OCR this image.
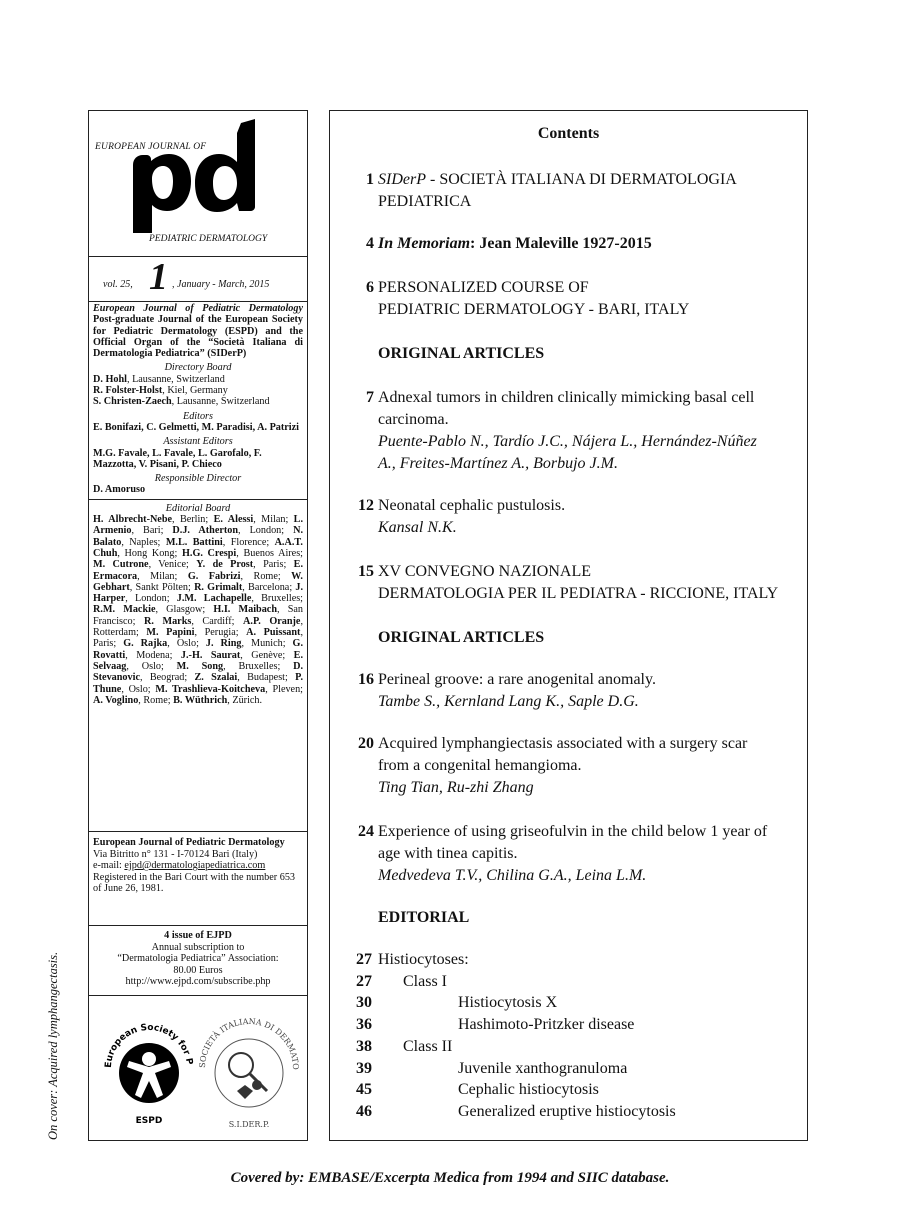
EUROPEAN JOURNAL OF
PEDIATRIC DERMATOLOGY
vol. 25, 1 , January - March, 2015

European Journal of Pediatric Dermatology Post-graduate Journal of the European Society for Pediatric Dermatology (ESPD) and the Official Organ of the “Società Italiana di Dermatologia Pediatrica” (SIDerP)

Directory Board

D. Hohl, Lausanne, Switzerland

R. Folster-Holst, Kiel, Germany

S. Christen-Zaech, Lausanne, Switzerland

Editors

E. Bonifazi, C. Gelmetti, M. Paradisi, A. Patrizi

Assistant Editors

M.G. Favale, L. Favale, L. Garofalo, F. Mazzotta, V. Pisani, P. Chieco

Responsible Director

D. Amoruso

Editorial Board

H. Albrecht-Nebe, Berlin; E. Alessi, Milan; L. Armenio, Bari; D.J. Atherton, London; N. Balato, Naples; M.L. Battini, Florence; A.A.T. Chuh, Hong Kong; H.G. Crespi, Buenos Aires; M. Cutrone, Venice; Y. de Prost, Paris; E. Ermacora, Milan; G. Fabrizi, Rome; W. Gebhart, Sankt Pölten; R. Grimalt, Barcelona; J. Harper, London; J.M. Lachapelle, Bruxelles; R.M. Mackie, Glasgow; H.I. Maibach, San Francisco; R. Marks, Cardiff; A.P. Oranje, Rotterdam; M. Papini, Perugia; A. Puissant, Paris; G. Rajka, Oslo; J. Ring, Munich; G. Rovatti, Modena; J.-H. Saurat, Genève; E. Selvaag, Oslo; M. Song, Bruxelles; D. Stevanovic, Beograd; Z. Szalai, Budapest; P. Thune, Oslo; M. Trashlieva-Koitcheva, Pleven; A. Voglino, Rome; B. Wüthrich, Zürich.

European Journal of Pediatric Dermatology

Via Bitritto n° 131 - I-70124 Bari (Italy)

e-mail: ejpd@dermatologiapediatrica.com

Registered in the Bari Court with the number 653 of June 26, 1981.

4 issue of EJPD

Annual subscription to

“Dermatologia Pediatrica” Association:

80.00 Euros

http://www.ejpd.com/subscribe.php

European Society for P
ESPD
SOCIETÀ ITALIANA DI DERMATO
S.I.DER.P.
Contents
1 SIDerP - SOCIETÀ ITALIANA DI DERMATOLOGIA
PEDIATRICA
4 In Memoriam: Jean Maleville 1927-2015
6 PERSONALIZED COURSE OF
PEDIATRIC DERMATOLOGY - BARI, ITALY
ORIGINAL ARTICLES
7 Adnexal tumors in children clinically mimicking basal cell
carcinoma.
Puente-Pablo N., Tardío J.C., Nájera L., Hernández-Núñez
A., Freites-Martínez A., Borbujo J.M.
12 Neonatal cephalic pustulosis.
Kansal N.K.
15 XV CONVEGNO NAZIONALE
DERMATOLOGIA PER IL PEDIATRA - RICCIONE, ITALY
ORIGINAL ARTICLES
16 Perineal groove: a rare anogenital anomaly.
Tambe S., Kernland Lang K., Saple D.G.
20 Acquired lymphangiectasis associated with a surgery scar
from a congenital hemangioma.
Ting Tian, Ru-zhi Zhang
24 Experience of using griseofulvin in the child below 1 year of
age with tinea capitis.
Medvedeva T.V., Chilina G.A., Leina L.M.
EDITORIAL
27 Histiocytoses:
27 Class I
30	Histiocytosis X
36	Hashimoto-Pritzker disease
38 Class II
39	Juvenile xanthogranuloma
45	Cephalic histiocytosis
46	Generalized eruptive histiocytosis
On cover: Acquired lymphangectasis.
Covered by: EMBASE/Excerpta Medica from 1994 and SIIC database.
